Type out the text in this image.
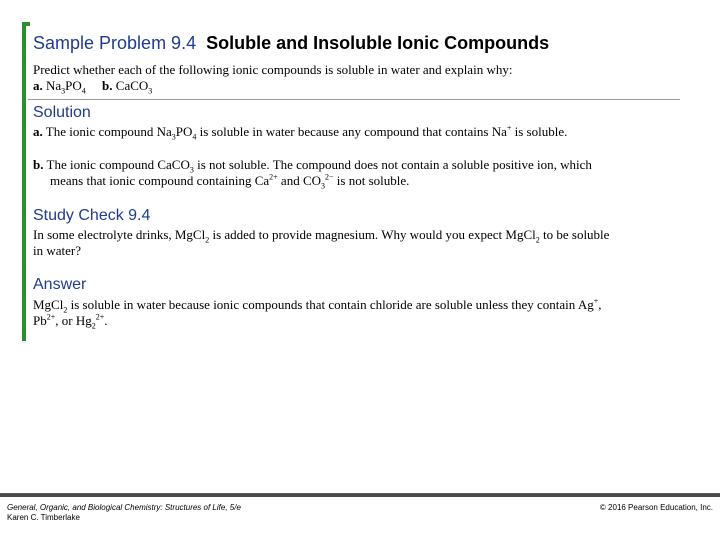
Sample Problem 9.4 Soluble and Insoluble Ionic Compounds
Predict whether each of the following ionic compounds is soluble in water and explain why:
a. $Na_3PO_4$ b. CaCO$_3$
Solution
a. The ionic compound $Na_3PO_4$ is soluble in water because any compound that contains Na+ is soluble.
b. The ionic compound CaCO$_3$ is not soluble. The compound does not contain a soluble positive ion, which
means that ionic compound containing $Ca^{2+}$ and $CO_3^{2-}$ is not soluble.
Study Check 9.4
In some electrolyte drinks, MgCl$_2$ is added to provide magnesium. Why would you expect MgCl$_2$ to be soluble
in water?
Answer
MgCl$_2$ is soluble in water because ionic compounds that contain chloride are soluble unless they contain Ag+,
$Pb^{2+}$, or $Hg_2^{2+}$.
General, Organic, and Biological Chemistry: Structures of Life, 5/e
Karen C. Timberlake
© 2016 Pearson Education, Inc.
